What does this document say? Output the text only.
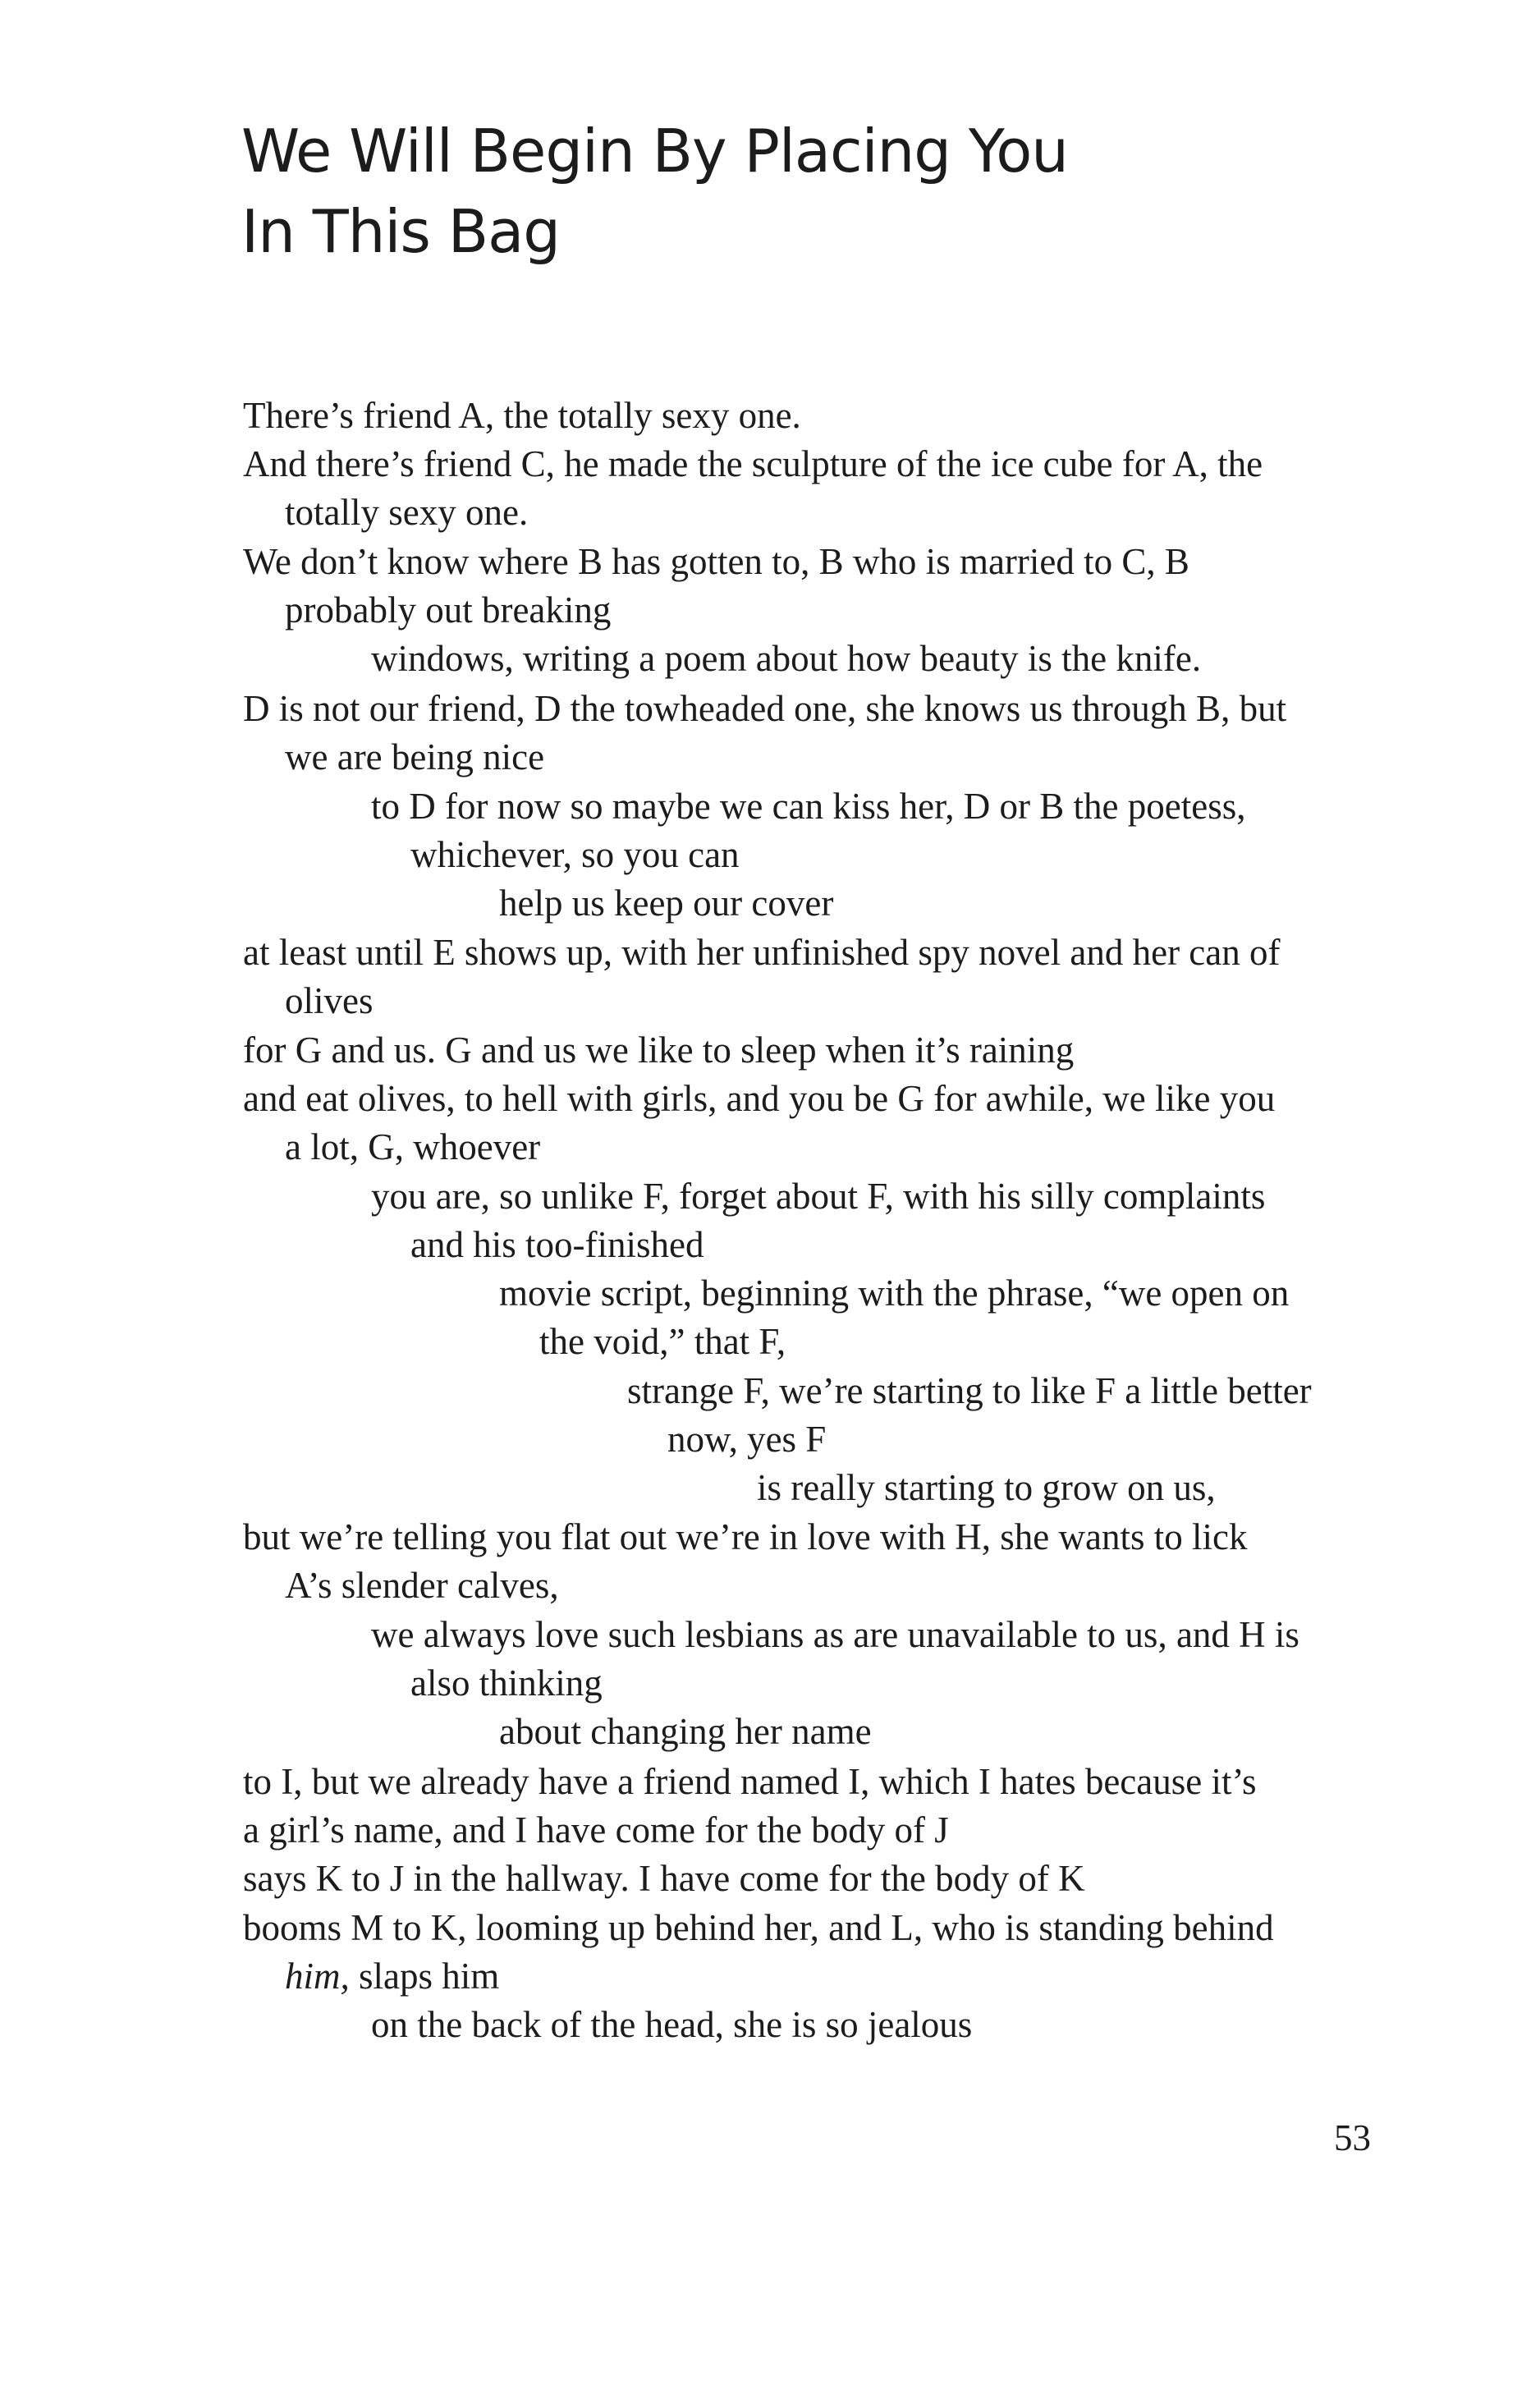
We Will Begin By Placing You
In This Bag

There’s friend A, the totally sexy one.

And there’s friend C, he made the sculpture of the ice cube for A, the

totally sexy one.

We don’t know where B has gotten to, B who is married to C, B

probably out breaking

windows, writing a poem about how beauty is the knife.

D is not our friend, D the towheaded one, she knows us through B, but

we are being nice

to D for now so maybe we can kiss her, D or B the poetess,

whichever, so you can

help us keep our cover

at least until E shows up, with her unfinished spy novel and her can of

olives

for G and us. G and us we like to sleep when it’s raining

and eat olives, to hell with girls, and you be G for awhile, we like you

a lot, G, whoever

you are, so unlike F, forget about F, with his silly complaints

and his too-finished

movie script, beginning with the phrase, “we open on

the void,” that F,

strange F, we’re starting to like F a little better

now, yes F

is really starting to grow on us,

but we’re telling you flat out we’re in love with H, she wants to lick

A’s slender calves,

we always love such lesbians as are unavailable to us, and H is

also thinking

about changing her name

to I, but we already have a friend named I, which I hates because it’s

a girl’s name, and I have come for the body of J

says K to J in the hallway. I have come for the body of K

booms M to K, looming up behind her, and L, who is standing behind

him, slaps him

on the back of the head, she is so jealous

53
